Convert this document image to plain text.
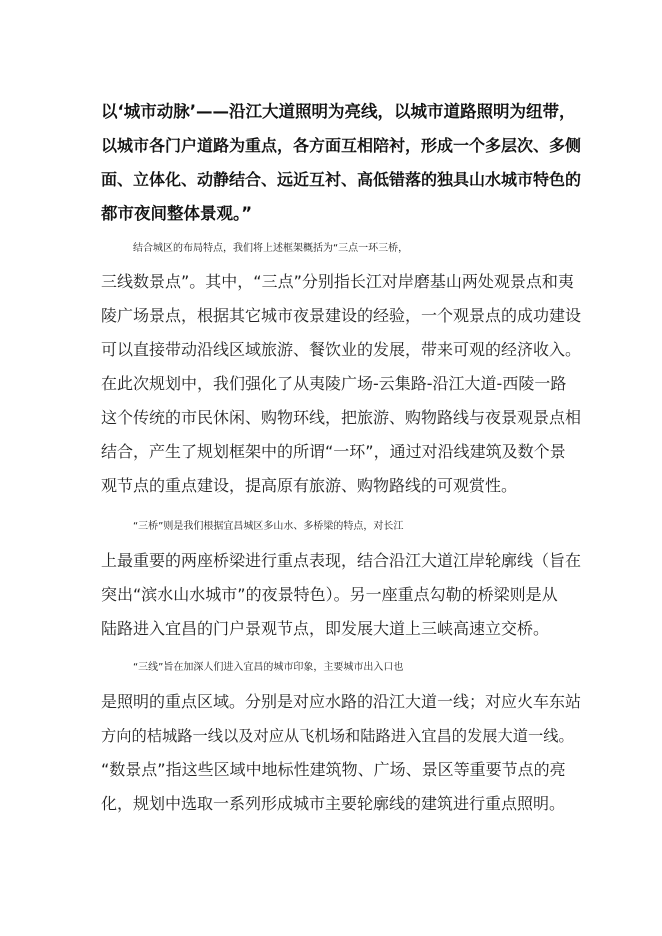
以‘城市动脉’——沿江大道照明为亮线，以城市道路照明为纽带，
以城市各门户道路为重点，各方面互相陪衬，形成一个多层次、多侧
面、立体化、动静结合、远近互衬、高低错落的独具山水城市特色的
都市夜间整体景观。”
结合城区的布局特点，我们将上述框架概括为“三点一环三桥，
三线数景点”。其中，“三点”分别指长江对岸磨基山两处观景点和夷
陵广场景点，根据其它城市夜景建设的经验，一个观景点的成功建设
可以直接带动沿线区域旅游、餐饮业的发展，带来可观的经济收入。
在此次规划中，我们强化了从夷陵广场-云集路-沿江大道-西陵一路
这个传统的市民休闲、购物环线，把旅游、购物路线与夜景观景点相
结合，产生了规划框架中的所谓“一环”，通过对沿线建筑及数个景
观节点的重点建设，提高原有旅游、购物路线的可观赏性。
“三桥”则是我们根据宜昌城区多山水、多桥梁的特点，对长江
上最重要的两座桥梁进行重点表现，结合沿江大道江岸轮廓线（旨在
突出“滨水山水城市”的夜景特色）。另一座重点勾勒的桥梁则是从
陆路进入宜昌的门户景观节点，即发展大道上三峡高速立交桥。
“三线”旨在加深人们进入宜昌的城市印象，主要城市出入口也
是照明的重点区域。分别是对应水路的沿江大道一线；对应火车东站
方向的桔城路一线以及对应从飞机场和陆路进入宜昌的发展大道一线。
“数景点”指这些区域中地标性建筑物、广场、景区等重要节点的亮
化，规划中选取一系列形成城市主要轮廓线的建筑进行重点照明。
